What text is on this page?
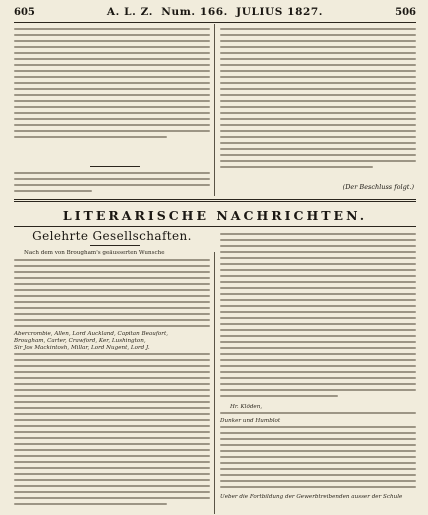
605	A. L. Z. Num. 166. JULIUS 1827.	506
(Der Beschluss folgt.)
LITERARISCHE NACHRICHTEN.
Gelehrte Gesellschaften.
Nach dem von Brougham's geäusserten Wunsche
Abercrombie, Allen, Lord Auckland, Capitan Beaufort,
Brougham, Carter, Crawford, Ker, Lushington,
Sir Jos Mackintosh, Millar, Lord Nugent, Lord J.
Hr. Klöden,
Dunker und Humblot
Ueber die Fortbildung der Gewerbtreibenden ausser der Schule
